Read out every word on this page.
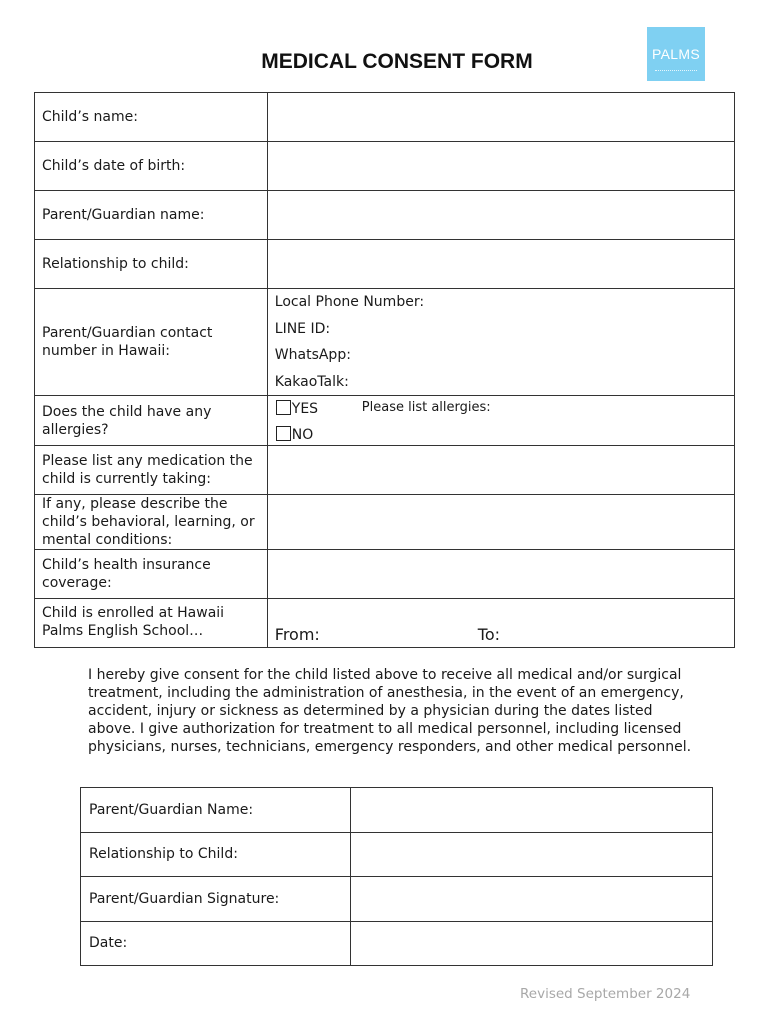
MEDICAL CONSENT FORM	PALMS
Child’s name:	
Child’s date of birth:	
Parent/Guardian name:	
Relationship to child:	
Parent/Guardian contact number in Hawaii:	Local Phone Number:
LINE ID:
WhatsApp:
KakaoTalk:

Does the child have any allergies?	YES
NO
Please list allergies:

Please list any medication the child is currently taking:	
If any, please describe the child’s behavioral, learning, or mental conditions:	
Child’s health insurance coverage:	
Child is enrolled at Hawaii Palms English School…	From: To:
I hereby give consent for the child listed above to receive all medical and/or surgical treatment, including the administration of anesthesia, in the event of an emergency, accident, injury or sickness as determined by a physician during the dates listed above. I give authorization for treatment to all medical personnel, including licensed physicians, nurses, technicians, emergency responders, and other medical personnel.
Parent/Guardian Name:	
Relationship to Child:	
Parent/Guardian Signature:	
Date:	
Revised September 2024
